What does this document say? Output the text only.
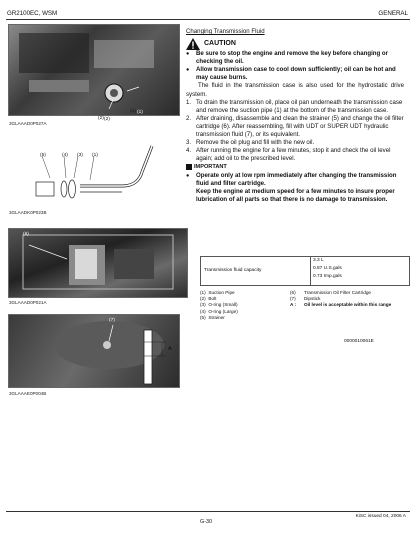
GR2100EC, WSM	GENERAL
(1)
(2)
(1)
(2)
3GLAAAD0P027A
(5)	(4) (3) (1)
3GLAADK0P023B
(6)
3GLAAAD0P021A
(7)
A
3GLAAAE0P004B
Changing Transmission Fluid
CAUTION
● Be sure to stop the engine and remove the key before changing or checking the oil.
● Allow transmission case to cool down sufficiently; oil can be hot and may cause burns.
The fluid in the transmission case is also used for the hydrostatic drive system.
1. To drain the transmission oil, place oil pan underneath the transmission case and remove the suction pipe (1) at the bottom of the transmission case.
2. After draining, disassemble and clean the strainer (5) and change the oil filter cartridge (6). After reassembling, fill with UDT or SUPER UDT hydraulic transmission fluid (7), or its equivalent.
3. Remove the oil plug and fill with the new oil.
4. After running the engine for a few minutes, stop it and check the oil level again; add oil to the prescribed level.
IMPORTANT
● Operate only at low rpm immediately after changing the transmission fluid and filter cartridge.
Keep the engine at medium speed for a few minutes to insure proper lubrication of all parts so that there is no damage to transmission.
Transmission fluid capacity
3.3 L
0.87 U.S.gals
0.73 Imp.gals
(1) Suction Pipe
(2) Bolt
(3) O-ring (Small)
(4) O-ring (Large)
(5) Strainer
(6) Transmission Oil Filter Cartridge
(7) Dipstick
A : Oil level is acceptable within this range
0000010061E
G-30
KiSC issued 04, 2006 A
